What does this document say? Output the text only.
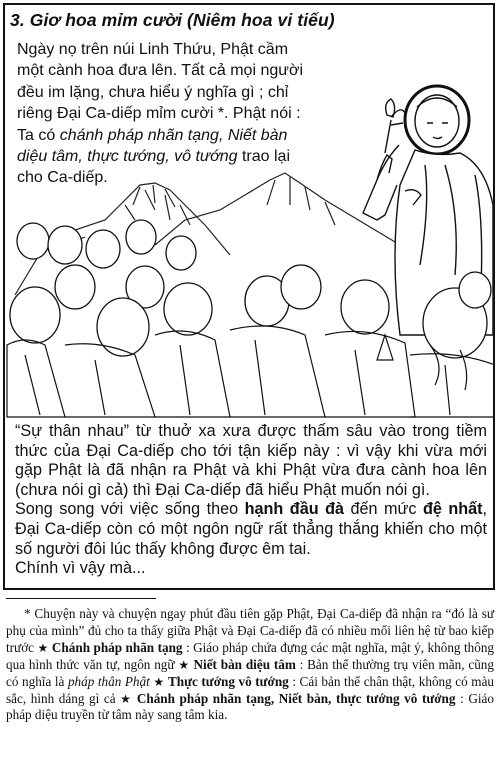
3. Giơ hoa mỉm cười (Niêm hoa vi tiếu)

Ngày nọ trên núi Linh Thứu, Phật cầm

một cành hoa đưa lên. Tất cả mọi người

đều im lặng, chưa hiểu ý nghĩa gì ; chỉ

riêng Đại Ca-diếp mỉm cười *. Phật nói :

Ta có chánh pháp nhãn tạng, Niết bàn

diệu tâm, thực tướng, vô tướng trao lại

cho Ca-diếp.

“Sự thân nhau” từ thuở xa xưa được thấm sâu vào trong tiềm thức của Đại Ca-diếp cho tới tận kiếp này : vì vậy khi vừa mới gặp Phật là đã nhận ra Phật và khi Phật vừa đưa cành hoa lên (chưa nói gì cả) thì Đại Ca-diếp đã hiểu Phật muốn nói gì.

Song song với việc sống theo hạnh đầu đà đến mức đệ nhất, Đại Ca-diếp còn có một ngôn ngữ rất thẳng thắng khiến cho một số người đôi lúc thấy không được êm tai.

Chính vì vậy mà...

* Chuyện này và chuyện ngay phút đầu tiên gặp Phật, Đại Ca-diếp đã nhận ra “đó là sư phụ của mình” đủ cho ta thấy giữa Phật và Đại Ca-diếp đã có nhiều mối liên hệ từ bao kiếp trước ★ Chánh pháp nhãn tạng : Giáo pháp chứa đựng các mật nghĩa, mật ý, không thông qua hình thức văn tự, ngôn ngữ ★ Niết bàn diệu tâm : Bản thể thường trụ viên mãn, cũng có nghĩa là pháp thân Phật ★ Thực tướng vô tướng : Cái bản thể chân thật, không có màu sắc, hình dáng gì cả ★ Chánh pháp nhãn tạng, Niết bàn, thực tướng vô tướng : Giáo pháp diệu truyền từ tâm này sang tâm kia.
